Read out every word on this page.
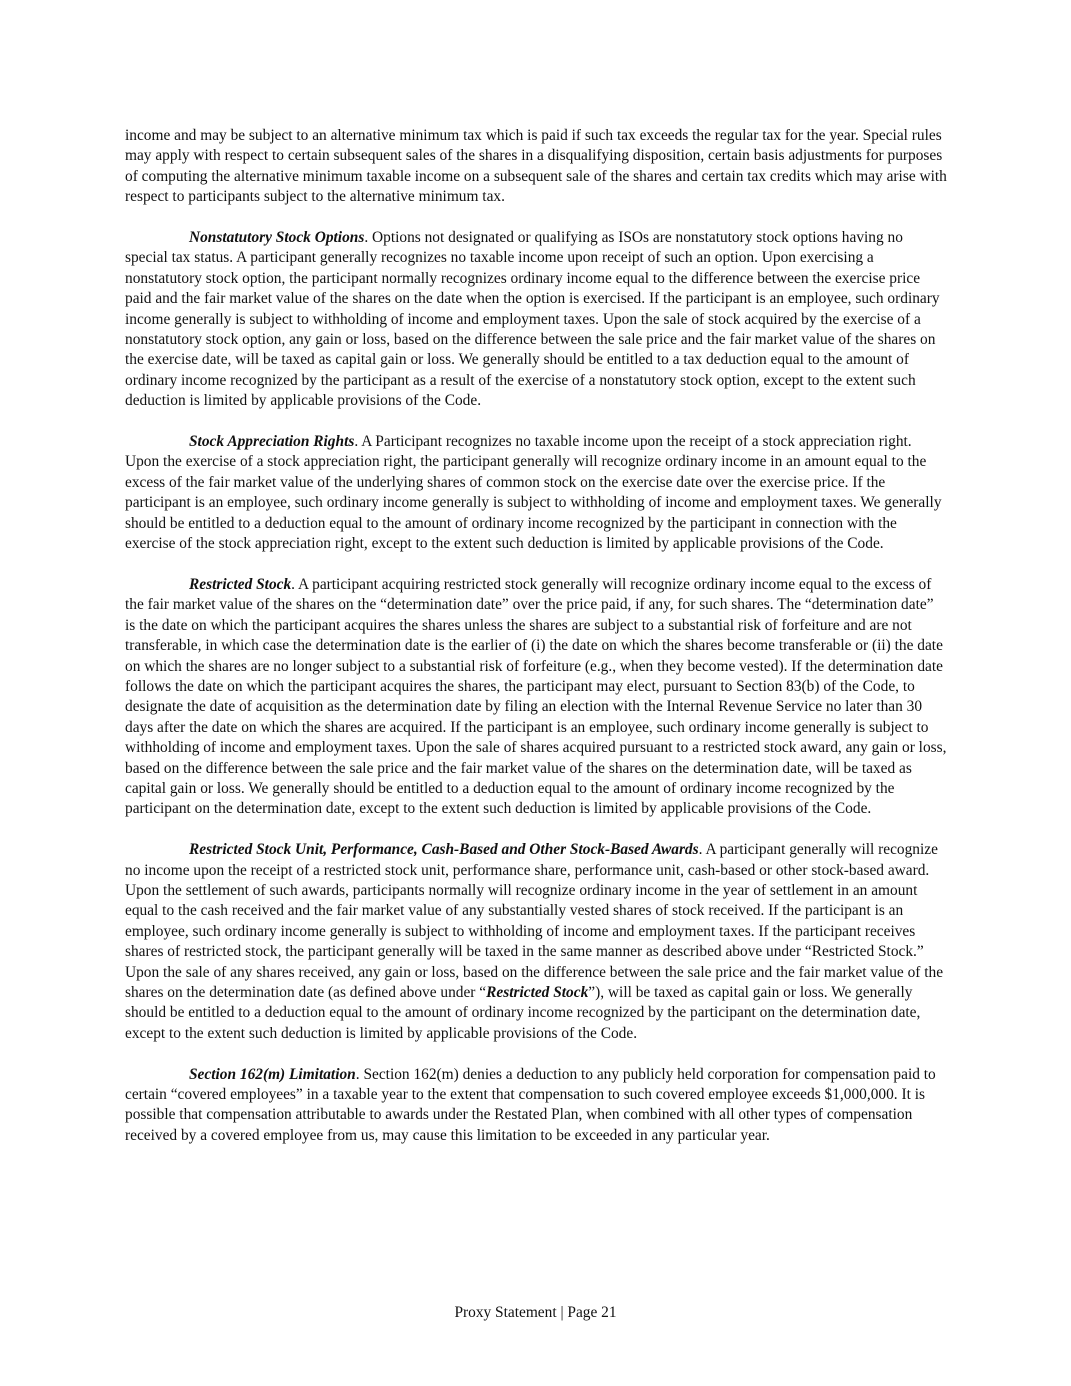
income and may be subject to an alternative minimum tax which is paid if such tax exceeds the regular tax for the year. Special rules may apply with respect to certain subsequent sales of the shares in a disqualifying disposition, certain basis adjustments for purposes of computing the alternative minimum taxable income on a subsequent sale of the shares and certain tax credits which may arise with respect to participants subject to the alternative minimum tax.

Nonstatutory Stock Options. Options not designated or qualifying as ISOs are nonstatutory stock options having no special tax status. A participant generally recognizes no taxable income upon receipt of such an option. Upon exercising a nonstatutory stock option, the participant normally recognizes ordinary income equal to the difference between the exercise price paid and the fair market value of the shares on the date when the option is exercised. If the participant is an employee, such ordinary income generally is subject to withholding of income and employment taxes. Upon the sale of stock acquired by the exercise of a nonstatutory stock option, any gain or loss, based on the difference between the sale price and the fair market value of the shares on the exercise date, will be taxed as capital gain or loss. We generally should be entitled to a tax deduction equal to the amount of ordinary income recognized by the participant as a result of the exercise of a nonstatutory stock option, except to the extent such deduction is limited by applicable provisions of the Code.

Stock Appreciation Rights. A Participant recognizes no taxable income upon the receipt of a stock appreciation right. Upon the exercise of a stock appreciation right, the participant generally will recognize ordinary income in an amount equal to the excess of the fair market value of the underlying shares of common stock on the exercise date over the exercise price. If the participant is an employee, such ordinary income generally is subject to withholding of income and employment taxes. We generally should be entitled to a deduction equal to the amount of ordinary income recognized by the participant in connection with the exercise of the stock appreciation right, except to the extent such deduction is limited by applicable provisions of the Code.

Restricted Stock. A participant acquiring restricted stock generally will recognize ordinary income equal to the excess of the fair market value of the shares on the “determination date” over the price paid, if any, for such shares. The “determination date” is the date on which the participant acquires the shares unless the shares are subject to a substantial risk of forfeiture and are not transferable, in which case the determination date is the earlier of (i) the date on which the shares become transferable or (ii) the date on which the shares are no longer subject to a substantial risk of forfeiture (e.g., when they become vested). If the determination date follows the date on which the participant acquires the shares, the participant may elect, pursuant to Section 83(b) of the Code, to designate the date of acquisition as the determination date by filing an election with the Internal Revenue Service no later than 30 days after the date on which the shares are acquired. If the participant is an employee, such ordinary income generally is subject to withholding of income and employment taxes. Upon the sale of shares acquired pursuant to a restricted stock award, any gain or loss, based on the difference between the sale price and the fair market value of the shares on the determination date, will be taxed as capital gain or loss. We generally should be entitled to a deduction equal to the amount of ordinary income recognized by the participant on the determination date, except to the extent such deduction is limited by applicable provisions of the Code.

Restricted Stock Unit, Performance, Cash-Based and Other Stock-Based Awards. A participant generally will recognize no income upon the receipt of a restricted stock unit, performance share, performance unit, cash-based or other stock-based award. Upon the settlement of such awards, participants normally will recognize ordinary income in the year of settlement in an amount equal to the cash received and the fair market value of any substantially vested shares of stock received. If the participant is an employee, such ordinary income generally is subject to withholding of income and employment taxes. If the participant receives shares of restricted stock, the participant generally will be taxed in the same manner as described above under “Restricted Stock.” Upon the sale of any shares received, any gain or loss, based on the difference between the sale price and the fair market value of the shares on the determination date (as defined above under “Restricted Stock”), will be taxed as capital gain or loss. We generally should be entitled to a deduction equal to the amount of ordinary income recognized by the participant on the determination date, except to the extent such deduction is limited by applicable provisions of the Code.

Section 162(m) Limitation. Section 162(m) denies a deduction to any publicly held corporation for compensation paid to certain “covered employees” in a taxable year to the extent that compensation to such covered employee exceeds $1,000,000. It is possible that compensation attributable to awards under the Restated Plan, when combined with all other types of compensation received by a covered employee from us, may cause this limitation to be exceeded in any particular year.

Proxy Statement | Page 21
